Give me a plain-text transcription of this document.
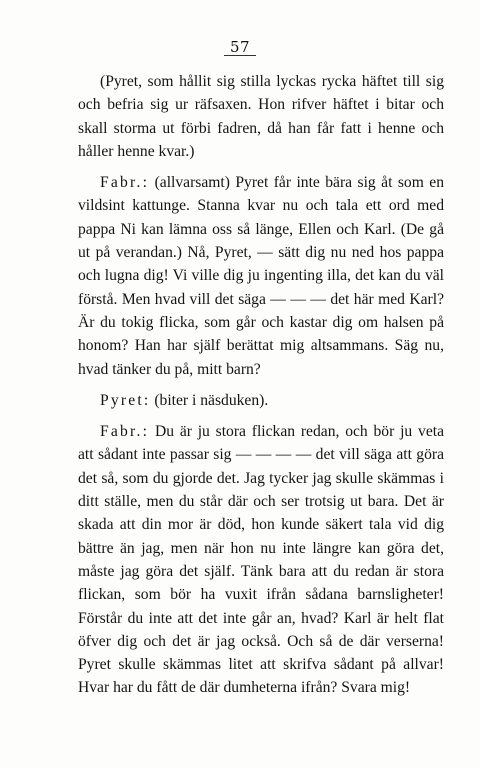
57

(Pyret, som hållit sig stilla lyckas rycka häftet till sig och befria sig ur räfsaxen. Hon rifver häftet i bitar och skall storma ut förbi fadren, då han får fatt i henne och håller henne kvar.)

Fabr.: (allvarsamt) Pyret får inte bära sig åt som en vildsint kattunge. Stanna kvar nu och tala ett ord med pappa Ni kan lämna oss så länge, Ellen och Karl. (De gå ut på verandan.) Nå, Pyret, — sätt dig nu ned hos pappa och lugna dig! Vi ville dig ju ingenting illa, det kan du väl förstå. Men hvad vill det säga — — — det här med Karl? Är du tokig flicka, som går och kastar dig om halsen på honom? Han har själf berättat mig altsammans. Säg nu, hvad tänker du på, mitt barn?

Pyret: (biter i näsduken).

Fabr.: Du är ju stora flickan redan, och bör ju veta att sådant inte passar sig — — — — det vill säga att göra det så, som du gjorde det. Jag tycker jag skulle skämmas i ditt ställe, men du står där och ser trotsig ut bara. Det är skada att din mor är död, hon kunde säkert tala vid dig bättre än jag, men när hon nu inte längre kan göra det, måste jag göra det själf. Tänk bara att du redan är stora flickan, som bör ha vuxit ifrån sådana barnsligheter! Förstår du inte att det inte går an, hvad? Karl är helt flat öfver dig och det är jag också. Och så de där verserna! Pyret skulle skämmas litet att skrifva sådant på allvar! Hvar har du fått de där dumheterna ifrån? Svara mig!
